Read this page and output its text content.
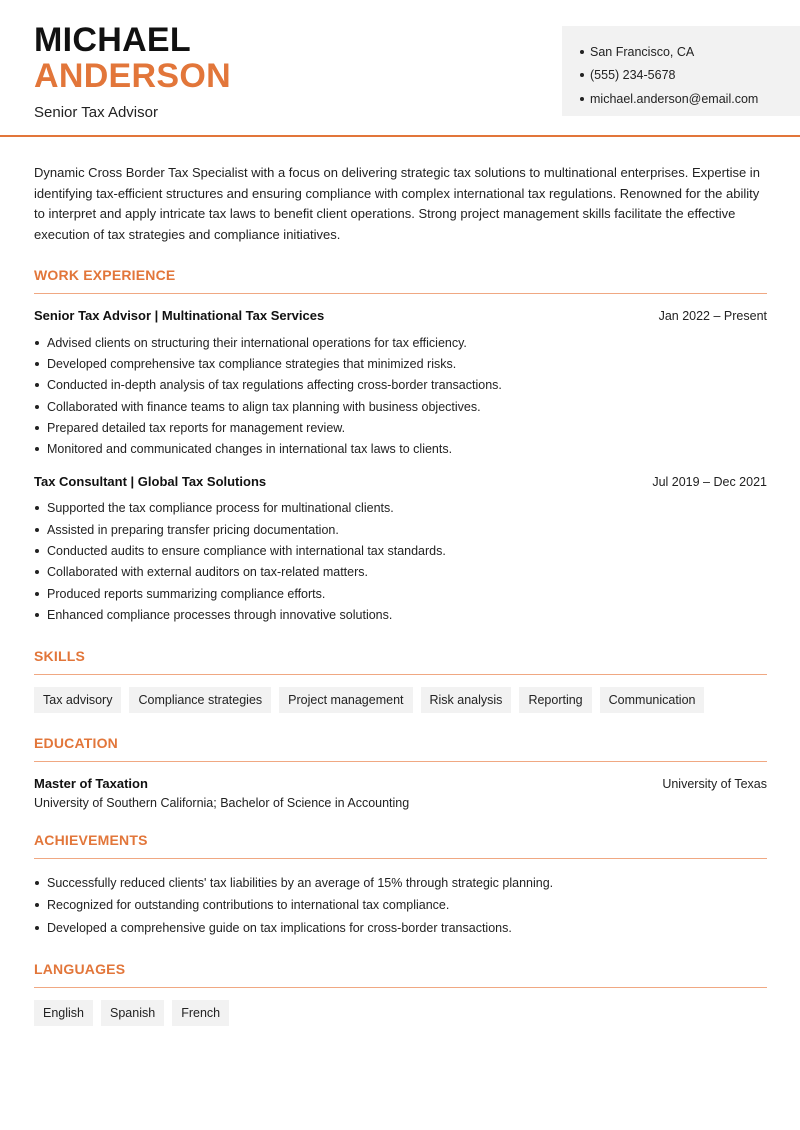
MICHAEL
ANDERSON
Senior Tax Advisor
San Francisco, CA
(555) 234-5678
michael.anderson@email.com

Dynamic Cross Border Tax Specialist with a focus on delivering strategic tax solutions to multinational enterprises. Expertise in identifying tax-efficient structures and ensuring compliance with complex international tax regulations. Renowned for the ability to interpret and apply intricate tax laws to benefit client operations. Strong project management skills facilitate the effective execution of tax strategies and compliance initiatives.

WORK EXPERIENCE
Senior Tax Advisor | Multinational Tax Services	Jan 2022 – Present
Advised clients on structuring their international operations for tax efficiency.
Developed comprehensive tax compliance strategies that minimized risks.
Conducted in-depth analysis of tax regulations affecting cross-border transactions.
Collaborated with finance teams to align tax planning with business objectives.
Prepared detailed tax reports for management review.
Monitored and communicated changes in international tax laws to clients.
Tax Consultant | Global Tax Solutions	Jul 2019 – Dec 2021
Supported the tax compliance process for multinational clients.
Assisted in preparing transfer pricing documentation.
Conducted audits to ensure compliance with international tax standards.
Collaborated with external auditors on tax-related matters.
Produced reports summarizing compliance efforts.
Enhanced compliance processes through innovative solutions.
SKILLS
Tax advisory	Compliance strategies	Project management	Risk analysis	Reporting	Communication
EDUCATION
Master of Taxation	University of Texas
University of Southern California; Bachelor of Science in Accounting
ACHIEVEMENTS
Successfully reduced clients' tax liabilities by an average of 15% through strategic planning.
Recognized for outstanding contributions to international tax compliance.
Developed a comprehensive guide on tax implications for cross-border transactions.
LANGUAGES
English	Spanish	French
